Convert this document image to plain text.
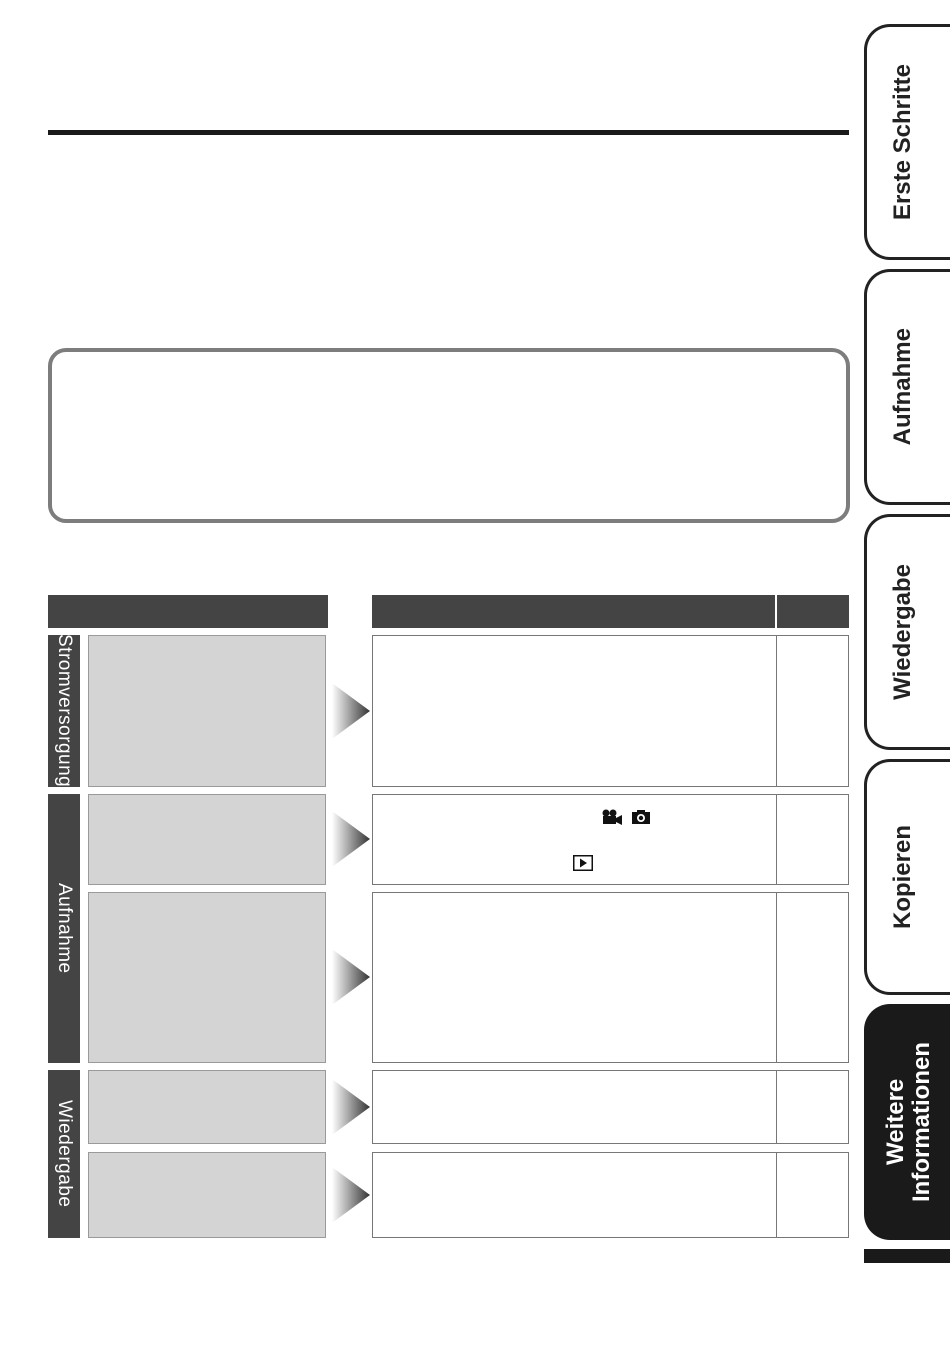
Stromversorgung
Aufnahme
Wiedergabe
Erste Schritte
Aufnahme
Wiedergabe
Kopieren
Weitere
Informationen
